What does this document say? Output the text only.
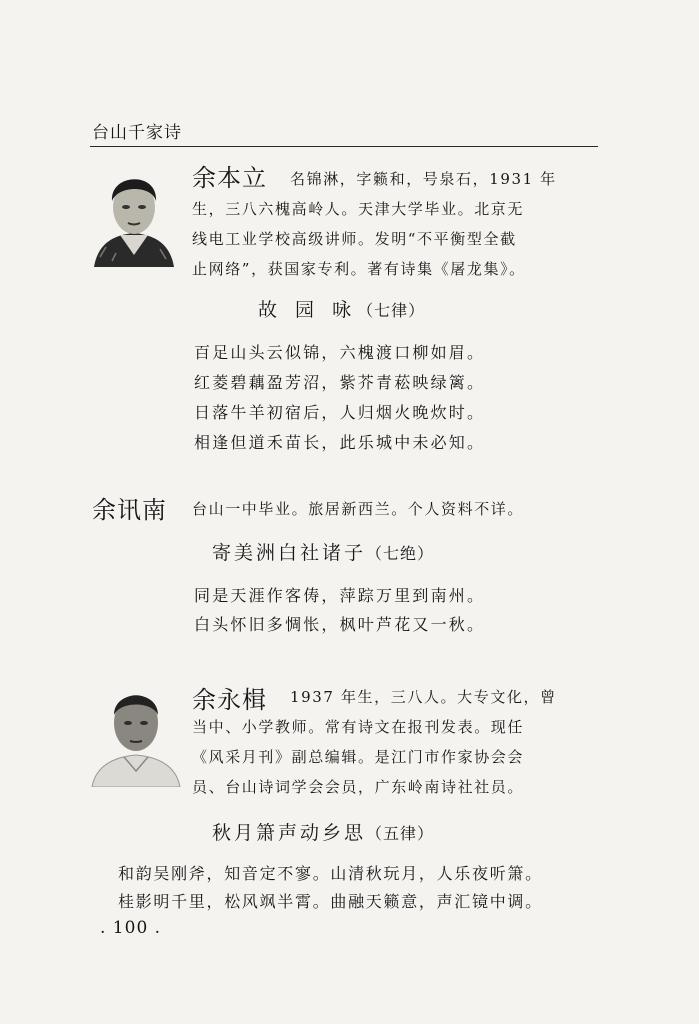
台山千家诗
余本立 名锦淋，字籁和，号泉石，1931 年
生，三八六槐高岭人。天津大学毕业。北京无
线电工业学校高级讲师。发明“不平衡型全截
止网络”，获国家专利。著有诗集《屠龙集》。
故 园 咏（七律）
百足山头云似锦，六槐渡口柳如眉。
红菱碧藕盈芳沼，紫芥青菘映绿篱。
日落牛羊初宿后，人归烟火晚炊时。
相逢但道禾苗长，此乐城中未必知。
余讯南 台山一中毕业。旅居新西兰。个人资料不详。
寄美洲白社诸子（七绝）
同是天涯作客俦，萍踪万里到南州。
白头怀旧多惆怅，枫叶芦花又一秋。
余永楫 1937 年生，三八人。大专文化，曾
当中、小学教师。常有诗文在报刊发表。现任
《风采月刊》副总编辑。是江门市作家协会会
员、台山诗词学会会员，广东岭南诗社社员。
秋月箫声动乡思（五律）
和韵吴刚斧，知音定不寥。山清秋玩月，人乐夜听箫。
桂影明千里，松风飒半霄。曲融天籁意，声汇镜中调。
. 100 .
